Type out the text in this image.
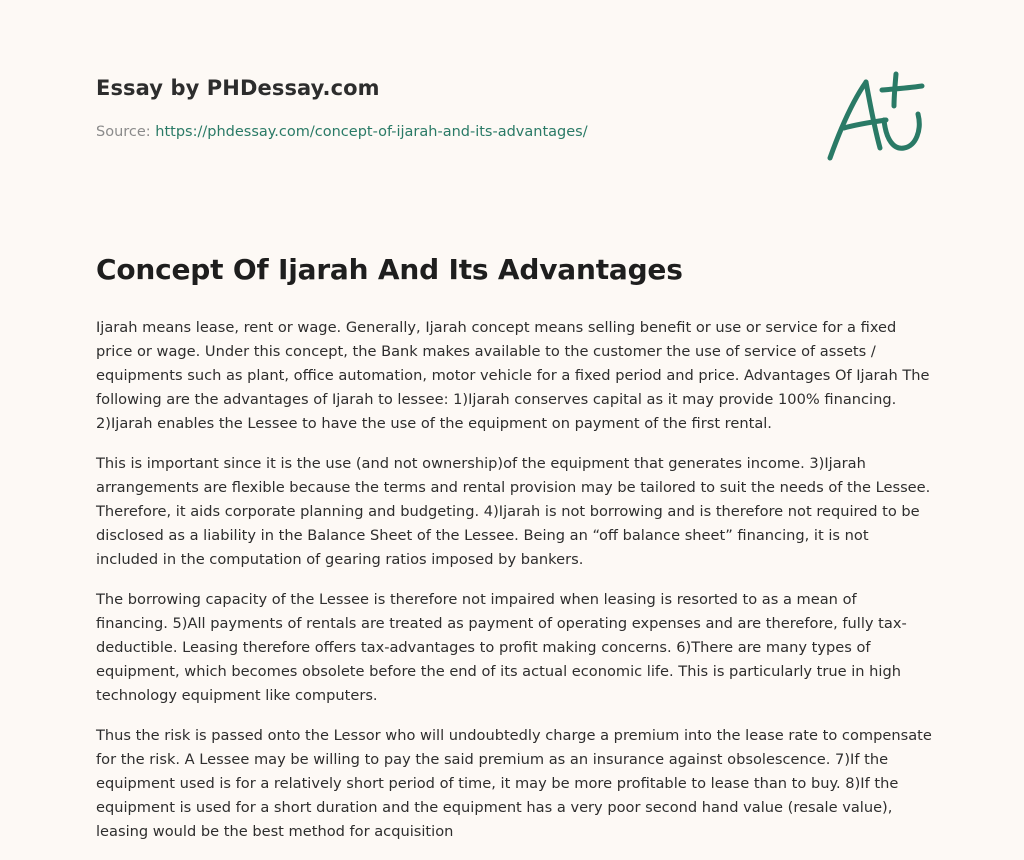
Essay by PHDessay.com

Source: https://phdessay.com/concept-of-ijarah-and-its-advantages/

Concept Of Ijarah And Its Advantages

Ijarah means lease, rent or wage. Generally, Ijarah concept means selling benefit or use or service for a fixed price or wage. Under this concept, the Bank makes available to the customer the use of service of assets / equipments such as plant, office automation, motor vehicle for a fixed period and price. Advantages Of Ijarah The following are the advantages of Ijarah to lessee: 1)Ijarah conserves capital as it may provide 100% financing. 2)Ijarah enables the Lessee to have the use of the equipment on payment of the first rental.

This is important since it is the use (and not ownership)of the equipment that generates income. 3)Ijarah arrangements are flexible because the terms and rental provision may be tailored to suit the needs of the Lessee. Therefore, it aids corporate planning and budgeting. 4)Ijarah is not borrowing and is therefore not required to be disclosed as a liability in the Balance Sheet of the Lessee. Being an “off balance sheet” financing, it is not included in the computation of gearing ratios imposed by bankers.

The borrowing capacity of the Lessee is therefore not impaired when leasing is resorted to as a mean of financing. 5)All payments of rentals are treated as payment of operating expenses and are therefore, fully tax-deductible. Leasing therefore offers tax-advantages to profit making concerns. 6)There are many types of equipment, which becomes obsolete before the end of its actual economic life. This is particularly true in high technology equipment like computers.

Thus the risk is passed onto the Lessor who will undoubtedly charge a premium into the lease rate to compensate for the risk. A Lessee may be willing to pay the said premium as an insurance against obsolescence. 7)If the equipment used is for a relatively short period of time, it may be more profitable to lease than to buy. 8)If the equipment is used for a short duration and the equipment has a very poor second hand value (resale value), leasing would be the best method for acquisition
